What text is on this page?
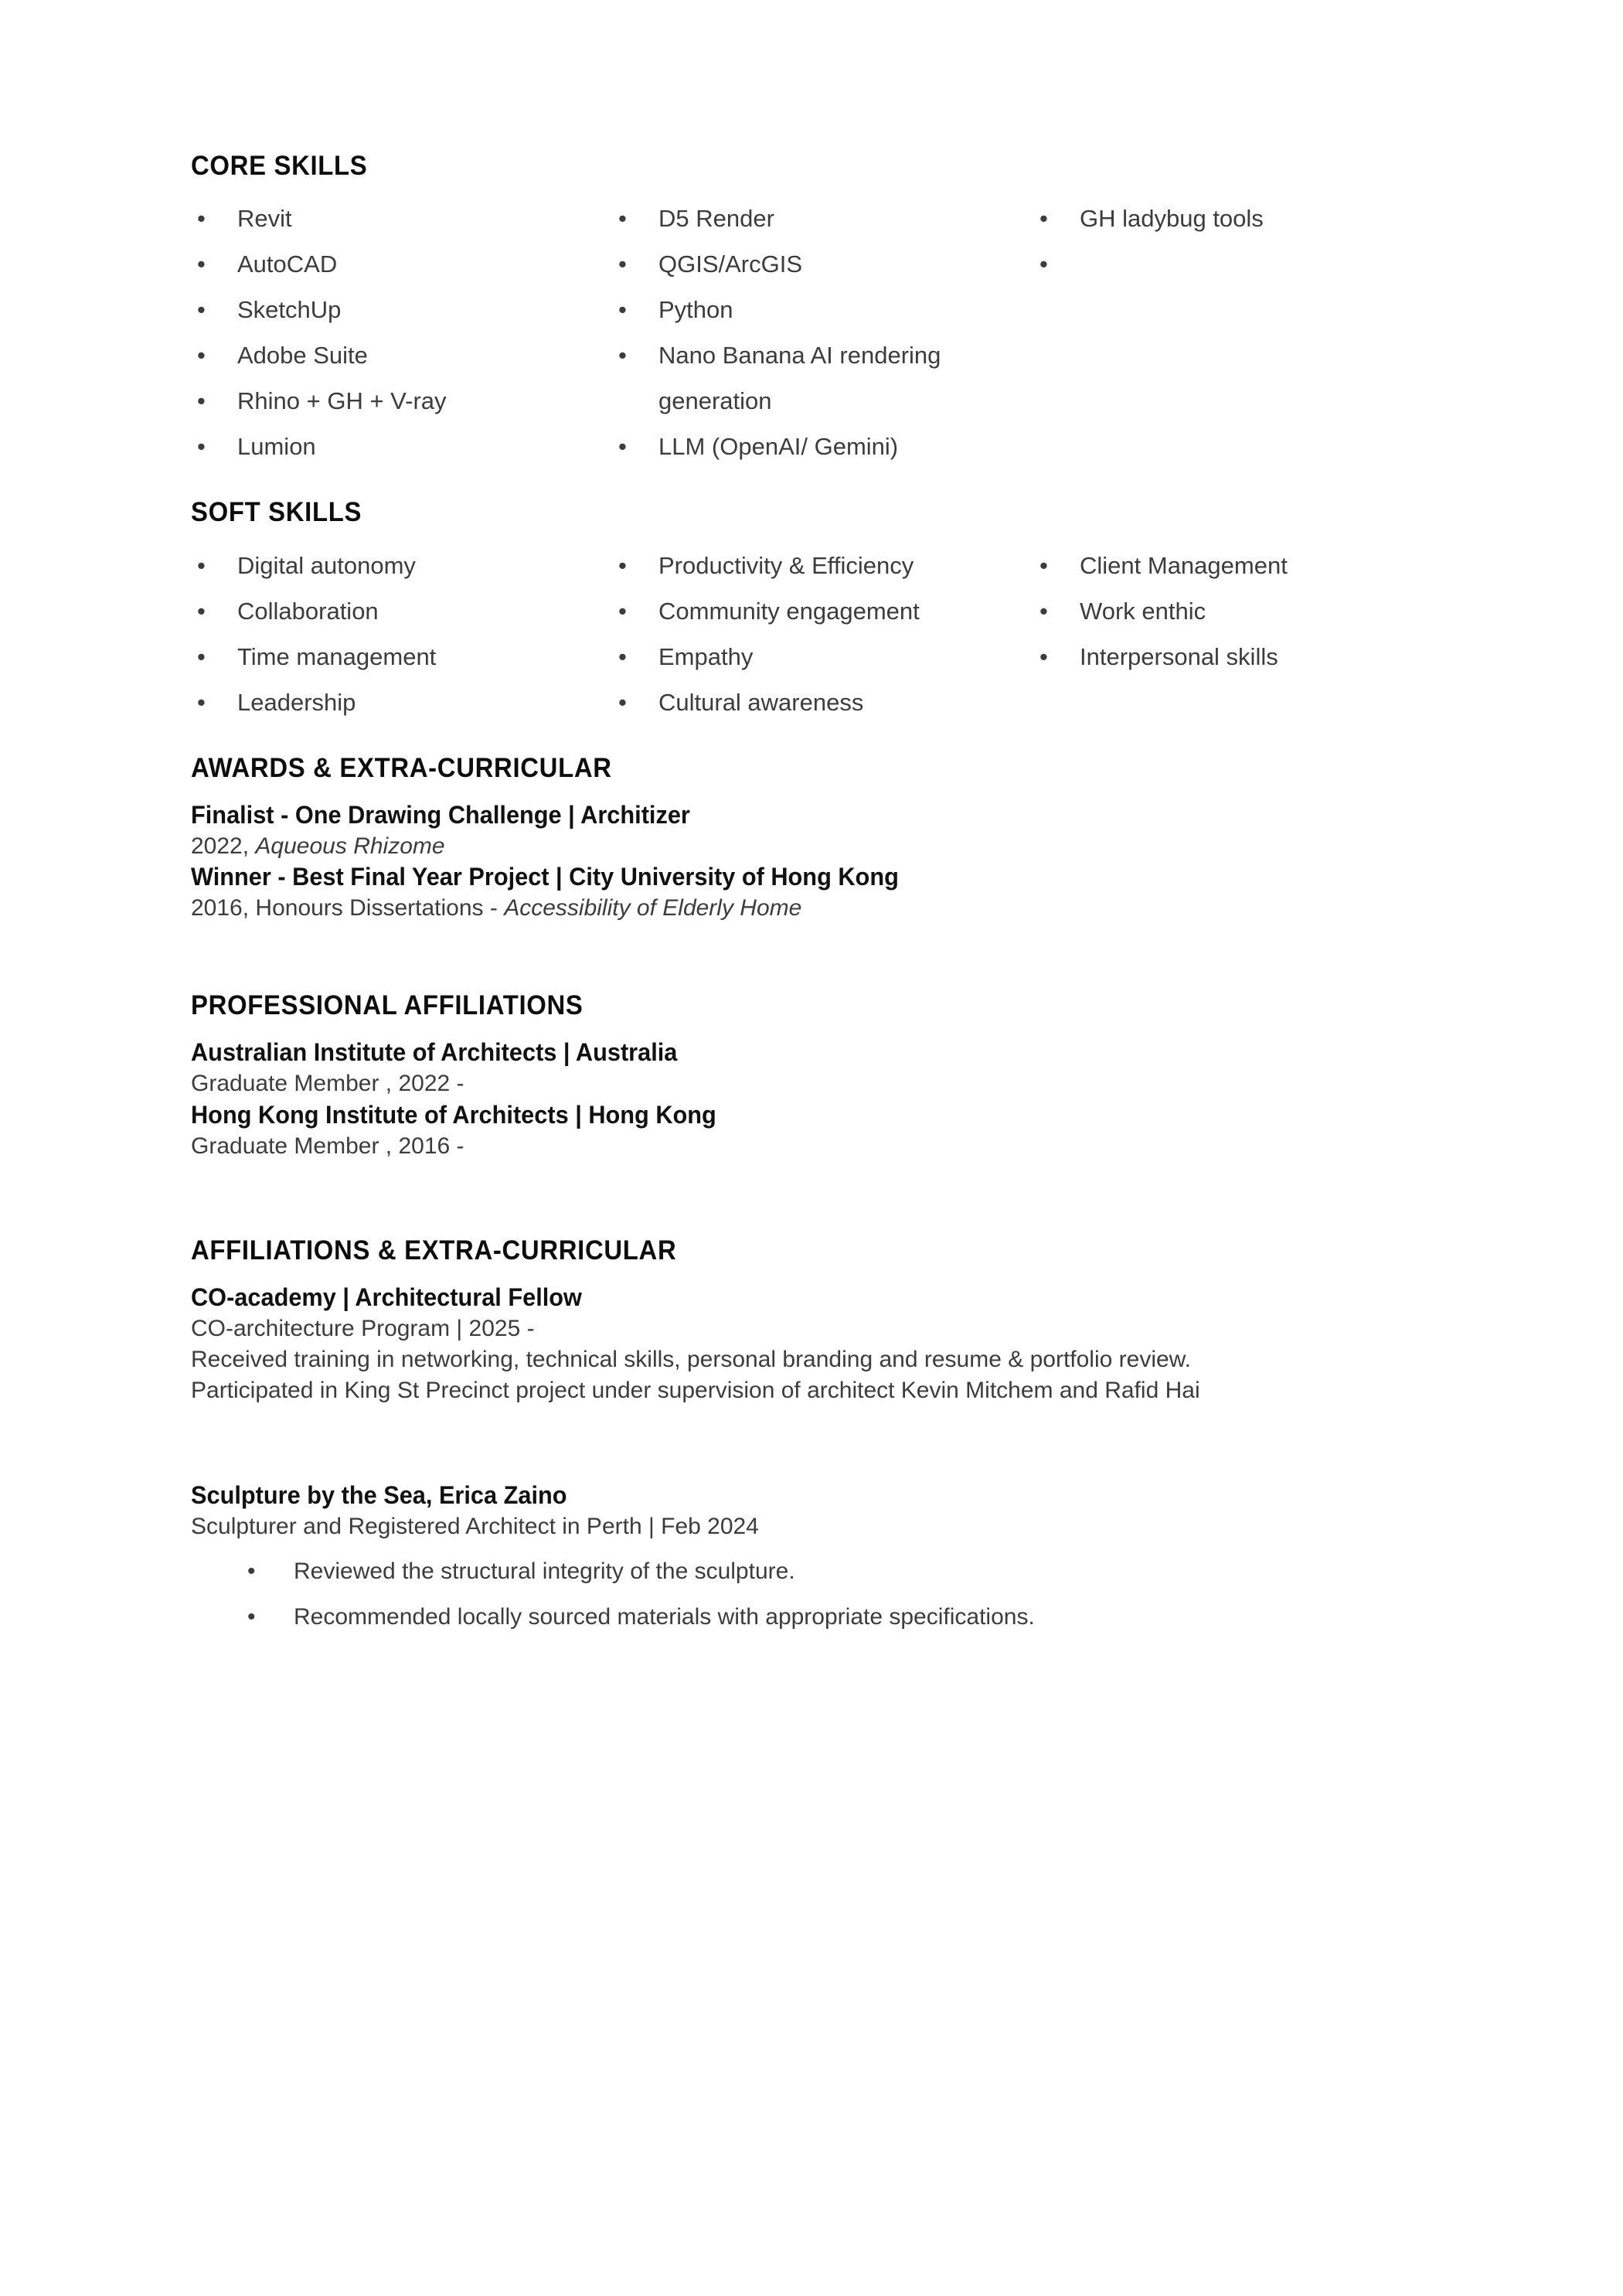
CORE SKILLS
• Revit
• AutoCAD
• SketchUp
• Adobe Suite
• Rhino + GH + V-ray
• Lumion
• D5 Render
• QGIS/ArcGIS
• Python
• Nano Banana AI rendering generation
• LLM (OpenAI/ Gemini)
• GH ladybug tools
•
SOFT SKILLS
• Digital autonomy
• Collaboration
• Time management
• Leadership
• Productivity & Efficiency
• Community engagement
• Empathy
• Cultural awareness
• Client Management
• Work enthic
• Interpersonal skills
AWARDS & EXTRA-CURRICULAR

Finalist - One Drawing Challenge | Architizer

2022, Aqueous Rhizome

Winner - Best Final Year Project | City University of Hong Kong

2016, Honours Dissertations - Accessibility of Elderly Home

PROFESSIONAL AFFILIATIONS

Australian Institute of Architects | Australia

Graduate Member , 2022 -

Hong Kong Institute of Architects | Hong Kong

Graduate Member , 2016 -

AFFILIATIONS & EXTRA-CURRICULAR

CO-academy | Architectural Fellow

CO-architecture Program | 2025 -

Received training in networking, technical skills, personal branding and resume & portfolio review.

Participated in King St Precinct project under supervision of architect Kevin Mitchem and Rafid Hai

Sculpture by the Sea, Erica Zaino

Sculpturer and Registered Architect in Perth | Feb 2024

• Reviewed the structural integrity of the sculpture.
• Recommended locally sourced materials with appropriate specifications.
